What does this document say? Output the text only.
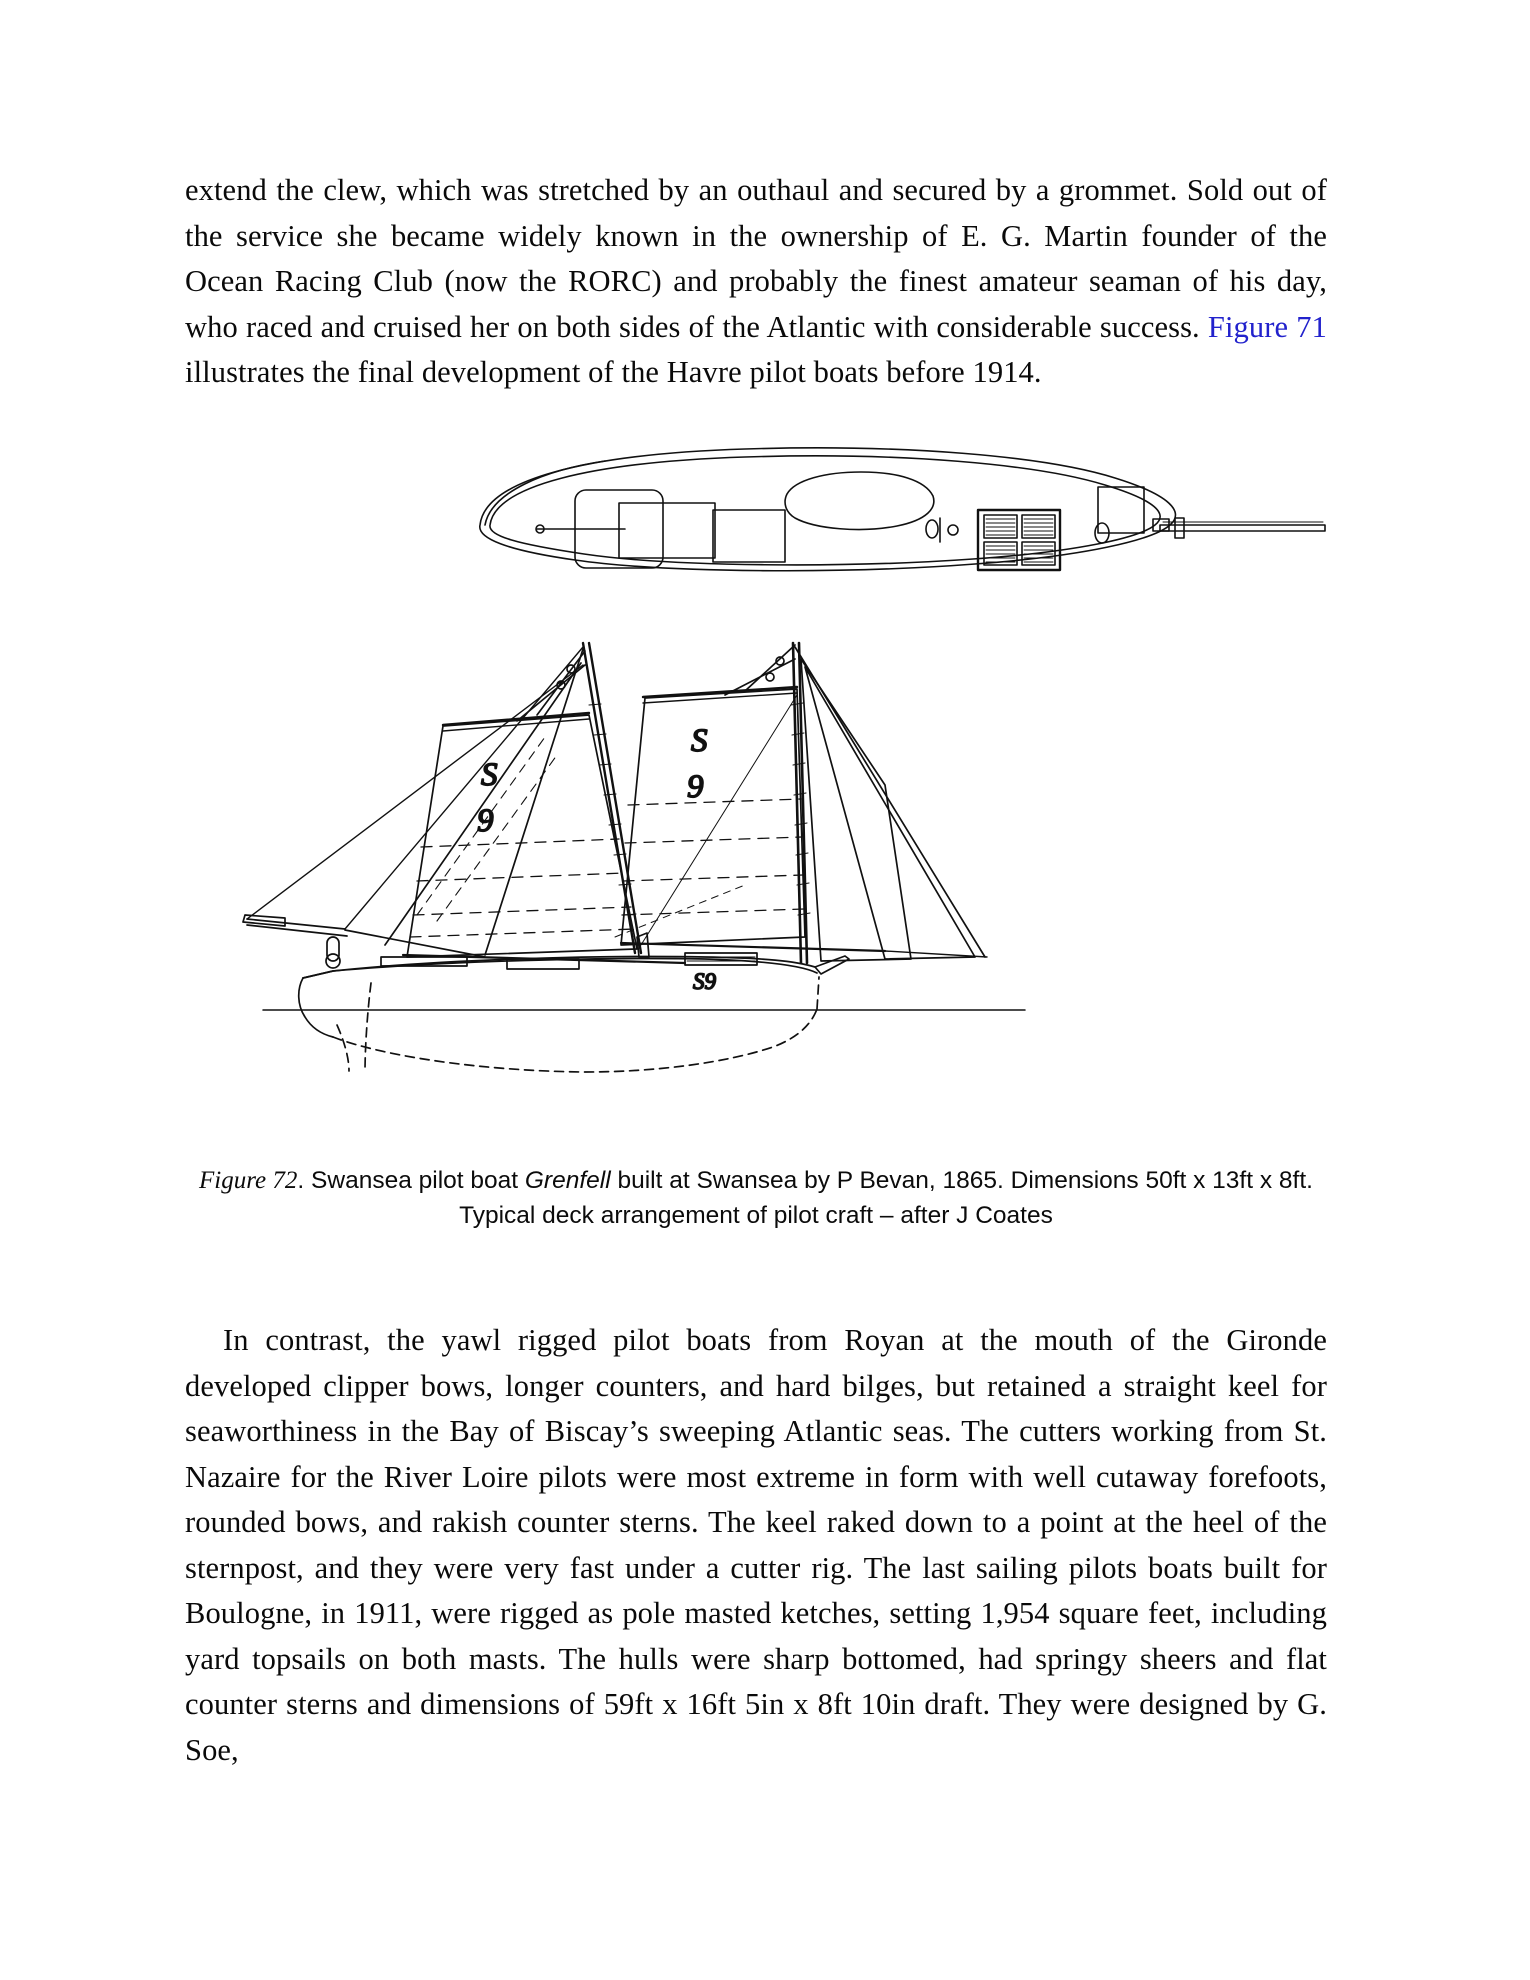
extend the clew, which was stretched by an outhaul and secured by a grommet. Sold out of the service she became widely known in the ownership of E. G. Martin founder of the Ocean Racing Club (now the RORC) and probably the finest amateur seaman of his day, who raced and cruised her on both sides of the Atlantic with considerable success. Figure 71 illustrates the final development of the Havre pilot boats before 1914.

S
9
S
9
S9
Figure 72. Swansea pilot boat Grenfell built at Swansea by P Bevan, 1865. Dimensions 50ft x 13ft x 8ft. Typical deck arrangement of pilot craft – after J Coates

In contrast, the yawl rigged pilot boats from Royan at the mouth of the Gironde developed clipper bows, longer counters, and hard bilges, but retained a straight keel for seaworthiness in the Bay of Biscay’s sweeping Atlantic seas. The cutters working from St. Nazaire for the River Loire pilots were most extreme in form with well cutaway forefoots, rounded bows, and rakish counter sterns. The keel raked down to a point at the heel of the sternpost, and they were very fast under a cutter rig. The last sailing pilots boats built for Boulogne, in 1911, were rigged as pole masted ketches, setting 1,954 square feet, including yard topsails on both masts. The hulls were sharp bottomed, had springy sheers and flat counter sterns and dimensions of 59ft x 16ft 5in x 8ft 10in draft. They were designed by G. Soe,
